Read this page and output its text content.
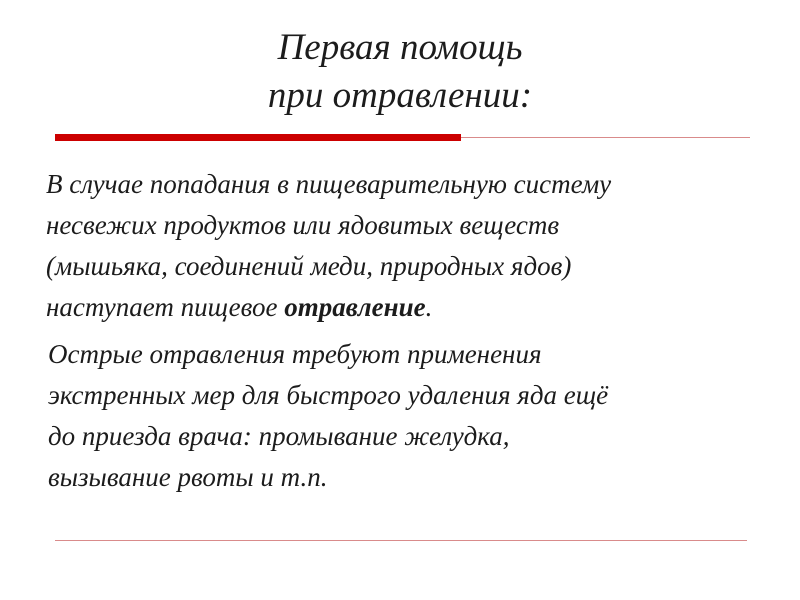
Первая помощь
при отравлении:

В случае попадания в пищеварительную систему
несвежих продуктов или ядовитых веществ
(мышьяка, соединений меди, природных ядов)
наступает пищевое отравление.

Острые отравления требуют применения
экстренных мер для быстрого удаления яда ещё
до приезда врача: промывание желудка,
вызывание рвоты и т.п.
